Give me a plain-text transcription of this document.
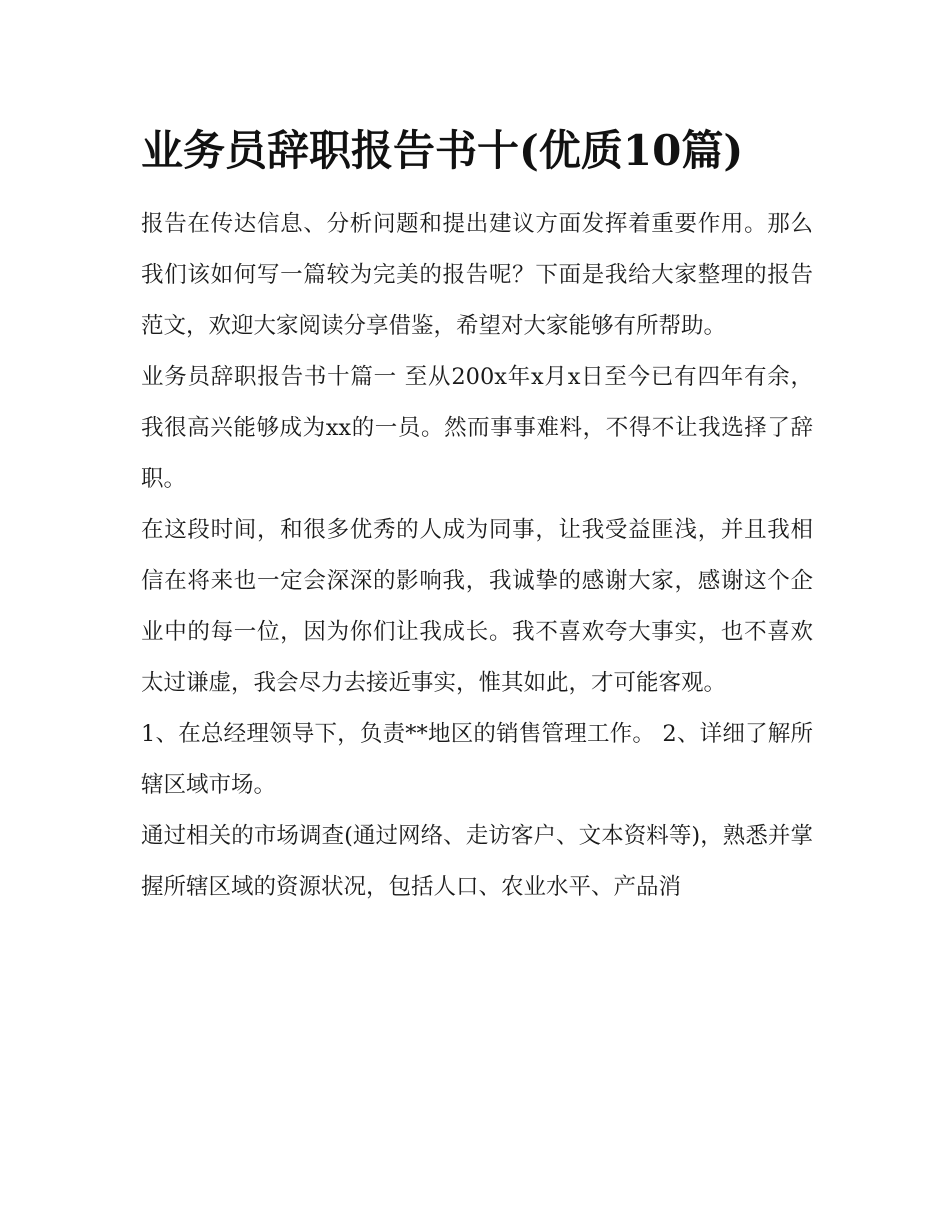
业务员辞职报告书十(优质10篇)

报告在传达信息、分析问题和提出建议方面发挥着重要作用。那么我们该如何写一篇较为完美的报告呢？下面是我给大家整理的报告范文，欢迎大家阅读分享借鉴，希望对大家能够有所帮助。

业务员辞职报告书十篇一 至从200x年x月x日至今已有四年有余，我很高兴能够成为xx的一员。然而事事难料，不得不让我选择了辞职。

在这段时间，和很多优秀的人成为同事，让我受益匪浅，并且我相信在将来也一定会深深的影响我，我诚挚的感谢大家，感谢这个企业中的每一位，因为你们让我成长。我不喜欢夸大事实，也不喜欢太过谦虚，我会尽力去接近事实，惟其如此，才可能客观。

1、在总经理领导下，负责**地区的销售管理工作。 2、详细了解所辖区域市场。

通过相关的市场调查(通过网络、走访客户、文本资料等)，熟悉并掌握所辖区域的资源状况，包括人口、农业水平、产品消
